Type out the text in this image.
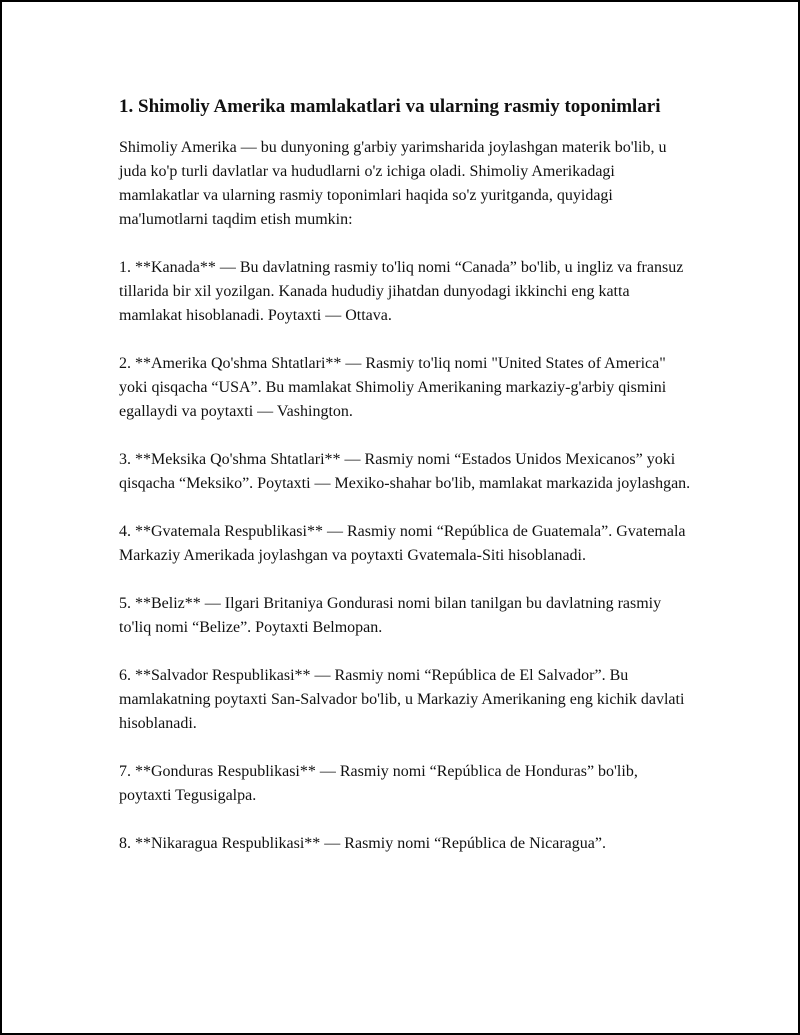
1. Shimoliy Amerika mamlakatlari va ularning rasmiy toponimlari

Shimoliy Amerika — bu dunyoning g'arbiy yarimsharida joylashgan materik bo'lib, u juda ko'p turli davlatlar va hududlarni o'z ichiga oladi. Shimoliy Amerikadagi mamlakatlar va ularning rasmiy toponimlari haqida so'z yuritganda, quyidagi ma'lumotlarni taqdim etish mumkin:

1. **Kanada** — Bu davlatning rasmiy to'liq nomi “Canada” bo'lib, u ingliz va fransuz tillarida bir xil yozilgan. Kanada hududiy jihatdan dunyodagi ikkinchi eng katta mamlakat hisoblanadi. Poytaxti — Ottava.

2. **Amerika Qo'shma Shtatlari** — Rasmiy to'liq nomi "United States of America" yoki qisqacha “USA”. Bu mamlakat Shimoliy Amerikaning markaziy-g'arbiy qismini egallaydi va poytaxti — Vashington.

3. **Meksika Qo'shma Shtatlari** — Rasmiy nomi “Estados Unidos Mexicanos” yoki qisqacha “Meksiko”. Poytaxti — Mexiko-shahar bo'lib, mamlakat markazida joylashgan.

4. **Gvatemala Respublikasi** — Rasmiy nomi “República de Guatemala”. Gvatemala Markaziy Amerikada joylashgan va poytaxti Gvatemala-Siti hisoblanadi.

5. **Beliz** — Ilgari Britaniya Gondurasi nomi bilan tanilgan bu davlatning rasmiy to'liq nomi “Belize”. Poytaxti Belmopan.

6. **Salvador Respublikasi** — Rasmiy nomi “República de El Salvador”. Bu mamlakatning poytaxti San-Salvador bo'lib, u Markaziy Amerikaning eng kichik davlati hisoblanadi.

7. **Gonduras Respublikasi** — Rasmiy nomi “República de Honduras” bo'lib, poytaxti Tegusigalpa.

8. **Nikaragua Respublikasi** — Rasmiy nomi “República de Nicaragua”.
